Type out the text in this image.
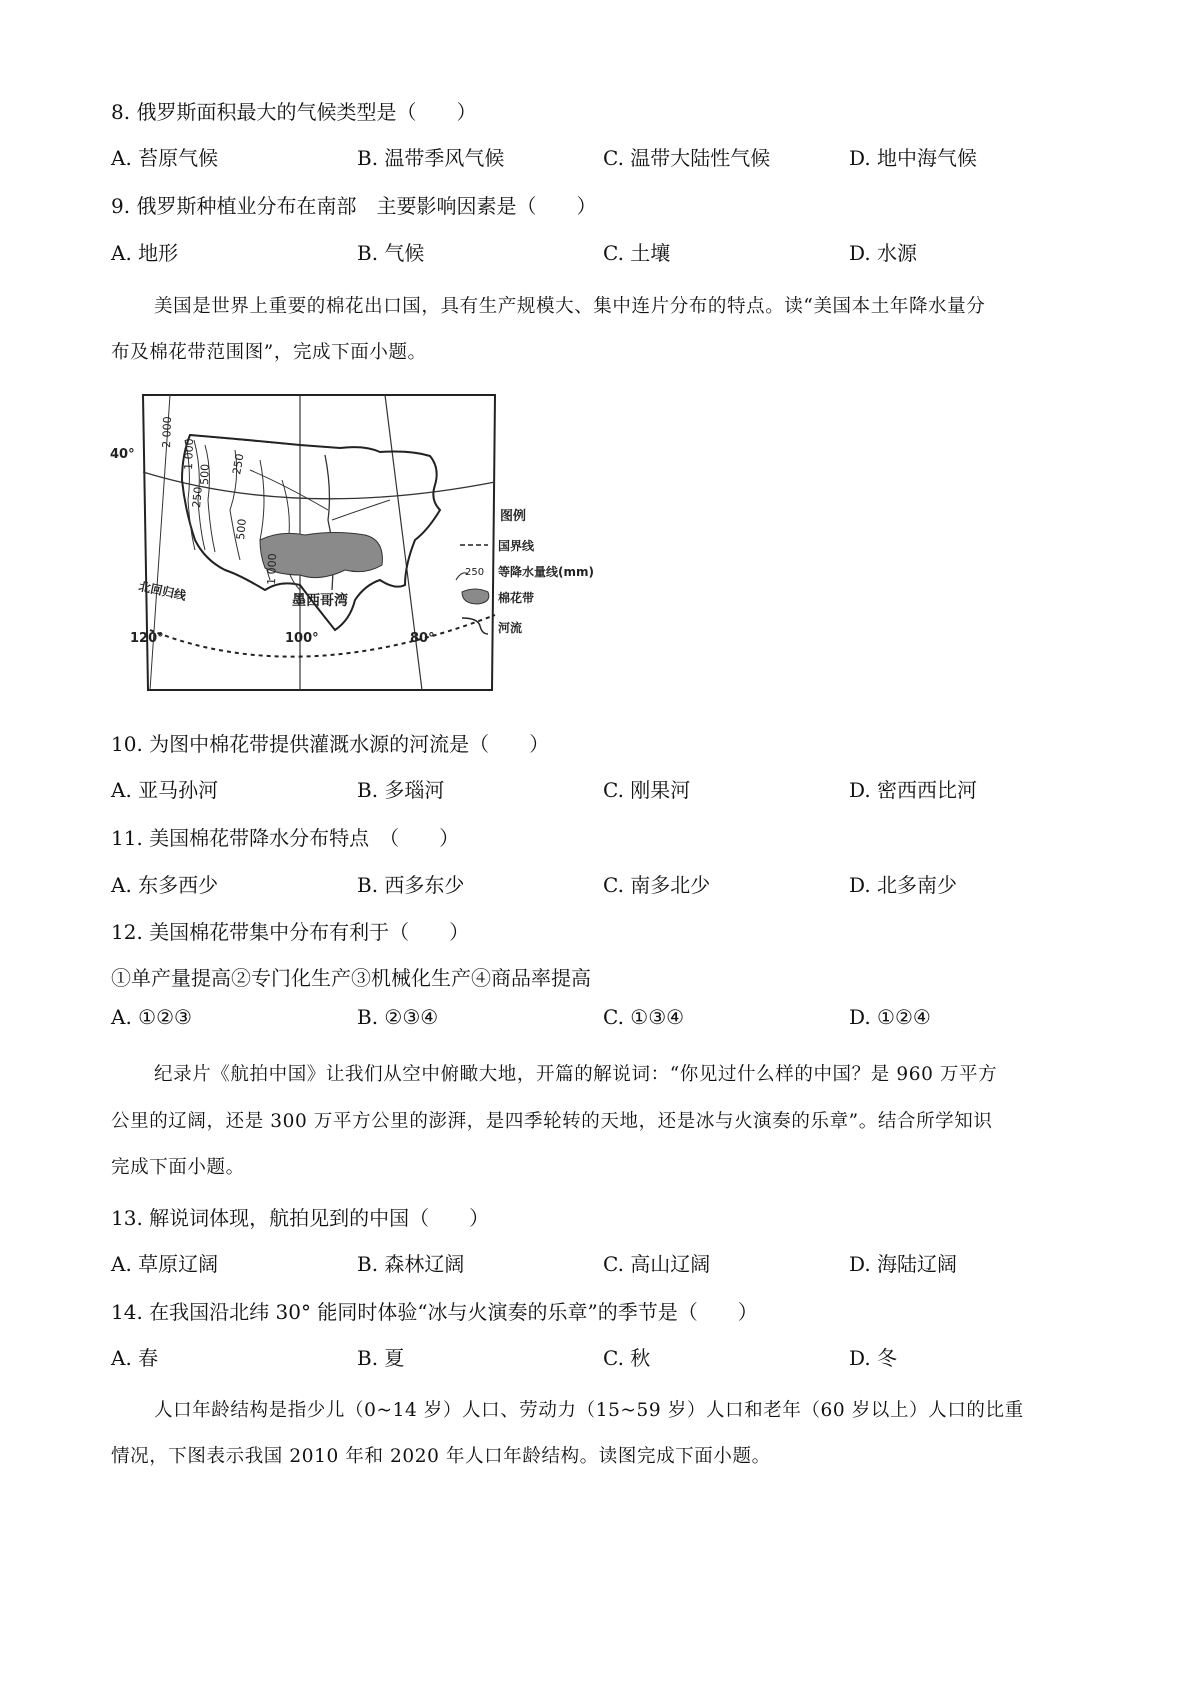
8. 俄罗斯面积最大的气候类型是（　　）
A. 苔原气候	B. 温带季风气候	C. 温带大陆性气候	D. 地中海气候
9. 俄罗斯种植业分布在南部　主要影响因素是（　　）
A. 地形	B. 气候	C. 土壤	D. 水源
美国是世界上重要的棉花出口国，具有生产规模大、集中连片分布的特点。读“美国本土年降水量分
布及棉花带范围图”，完成下面小题。
40°
120°	100°	80°
北回归线	墨西哥湾
2 000
1 000
500
250
250
500
1 000
图例
国界线
250 等降水量线(mm)
棉花带
河流
10. 为图中棉花带提供灌溉水源的河流是（　　）
A. 亚马孙河	B. 多瑙河	C. 刚果河	D. 密西西比河
11. 美国棉花带降水分布特点　（　　）
A. 东多西少	B. 西多东少	C. 南多北少	D. 北多南少
12. 美国棉花带集中分布有利于（　　）
①单产量提高②专门化生产③机械化生产④商品率提高
A. ①②③	B. ②③④	C. ①③④	D. ①②④
纪录片《航拍中国》让我们从空中俯瞰大地，开篇的解说词：“你见过什么样的中国？是 960 万平方
公里的辽阔，还是 300 万平方公里的澎湃，是四季轮转的天地，还是冰与火演奏的乐章”。结合所学知识
完成下面小题。
13. 解说词体现，航拍见到的中国（　　）
A. 草原辽阔	B. 森林辽阔	C. 高山辽阔	D. 海陆辽阔
14. 在我国沿北纬 30° 能同时体验“冰与火演奏的乐章”的季节是（　　）
A. 春	B. 夏	C. 秋	D. 冬
人口年龄结构是指少儿（0~14 岁）人口、劳动力（15~59 岁）人口和老年（60 岁以上）人口的比重
情况，下图表示我国 2010 年和 2020 年人口年龄结构。读图完成下面小题。
